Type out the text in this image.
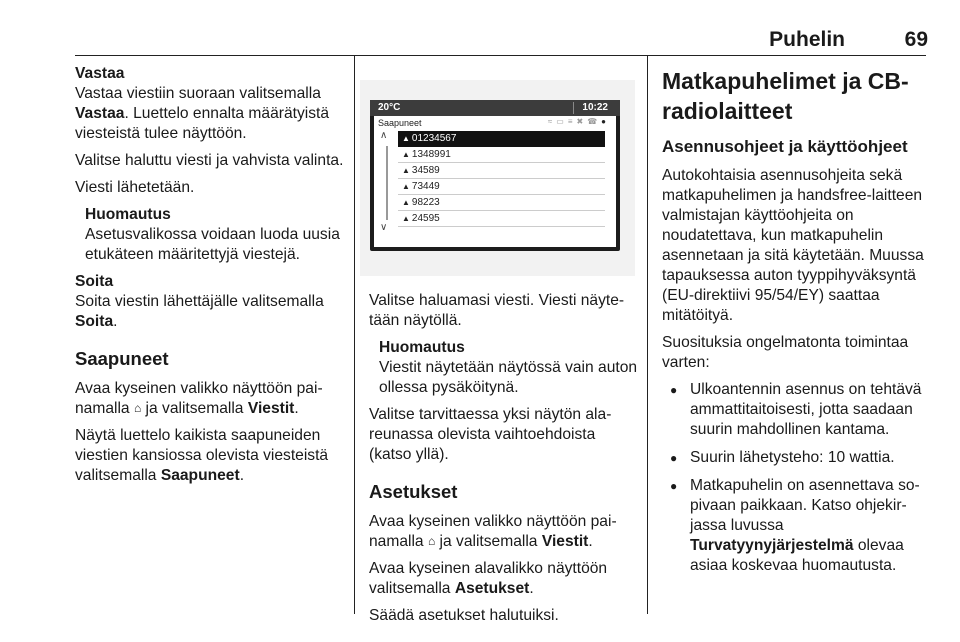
Puhelin	69

Vastaa

Vastaa viestiin suoraan valitsemalla Vastaa. Luettelo ennalta määrätyistä viesteistä tulee näyttöön.

Valitse haluttu viesti ja vahvista valinta.

Viesti lähetetään.

Huomautus

Asetusvalikossa voidaan luoda uusia etukäteen määritettyjä viestejä.

Soita

Soita viestin lähettäjälle valitsemalla Soita.

Saapuneet

Avaa kyseinen valikko näyttöön painamalla ⌂ ja valitsemalla Viestit.

Näytä luettelo kaikista saapuneiden viestien kansiossa olevista viesteistä valitsemalla Saapuneet.

20°C	10:22
Saapuneet	≈▭≡✖☎●
∧
∨
▲ 01234567
▲ 1348991
▲ 34589
▲ 73449
▲ 98223
▲ 24595

Valitse haluamasi viesti. Viesti näytetään näytöllä.

Huomautus

Viestit näytetään näytössä vain auton ollessa pysäköitynä.

Valitse tarvittaessa yksi näytön alareunassa olevista vaihtoehdoista (katso yllä).

Asetukset

Avaa kyseinen valikko näyttöön painamalla ⌂ ja valitsemalla Viestit.

Avaa kyseinen alavalikko näyttöön valitsemalla Asetukset.

Säädä asetukset halutuiksi.

Matkapuhelimet ja CB-radiolaitteet
Asennusohjeet ja käyttöohjeet

Autokohtaisia asennusohjeita sekä matkapuhelimen ja handsfree-laitteen valmistajan käyttöohjeita on noudatettava, kun matkapuhelin asennetaan ja sitä käytetään. Muussa tapauksessa auton tyyppihyväksyntä (EU-direktiivi 95/54/EY) saattaa mitätöityä.

Suosituksia ongelmatonta toimintaa varten:

● Ulkoantennin asennus on tehtävä ammattitaitoisesti, jotta saadaan suurin mahdollinen kantama.
● Suurin lähetysteho: 10 wattia.
● Matkapuhelin on asennettava sopivaan paikkaan. Katso ohjekirjassa luvussa Turvatyynyjärjestelmä olevaa asiaa koskevaa huomautusta.
